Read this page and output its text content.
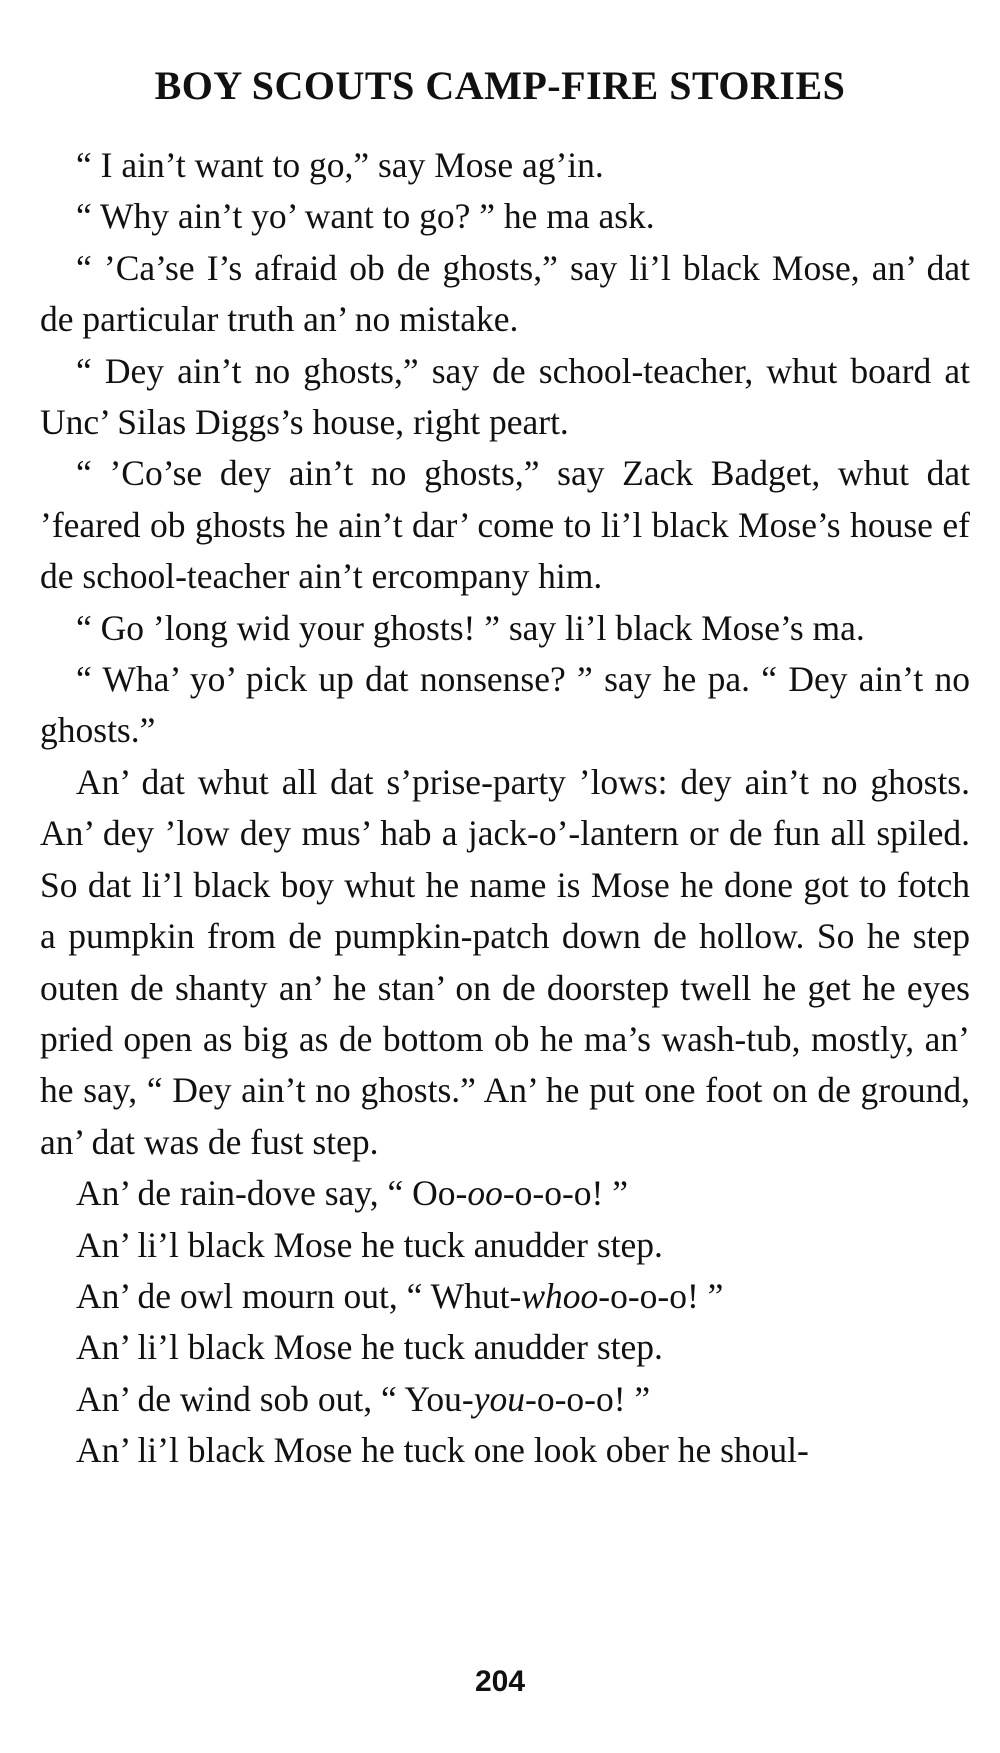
BOY SCOUTS CAMP-FIRE STORIES

“ I ain’t want to go,” say Mose ag’in.

“ Why ain’t yo’ want to go? ” he ma ask.

“ ’Ca’se I’s afraid ob de ghosts,” say li’l black Mose, an’ dat de particular truth an’ no mistake.

“ Dey ain’t no ghosts,” say de school-teacher, whut board at Unc’ Silas Diggs’s house, right peart.

“ ’Co’se dey ain’t no ghosts,” say Zack Badget, whut dat ’feared ob ghosts he ain’t dar’ come to li’l black Mose’s house ef de school-teacher ain’t ercompany him.

“ Go ’long wid your ghosts! ” say li’l black Mose’s ma.

“ Wha’ yo’ pick up dat nonsense? ” say he pa. “ Dey ain’t no ghosts.”

An’ dat whut all dat s’prise-party ’lows: dey ain’t no ghosts. An’ dey ’low dey mus’ hab a jack-o’-lantern or de fun all spiled. So dat li’l black boy whut he name is Mose he done got to fotch a pumpkin from de pumpkin-patch down de hollow. So he step outen de shanty an’ he stan’ on de doorstep twell he get he eyes pried open as big as de bottom ob he ma’s wash-tub, mostly, an’ he say, “ Dey ain’t no ghosts.” An’ he put one foot on de ground, an’ dat was de fust step.

An’ de rain-dove say, “ Oo-oo-o-o-o! ”

An’ li’l black Mose he tuck anudder step.

An’ de owl mourn out, “ Whut-whoo-o-o-o! ”

An’ li’l black Mose he tuck anudder step.

An’ de wind sob out, “ You-you-o-o-o! ”

An’ li’l black Mose he tuck one look ober he shoul-

204
